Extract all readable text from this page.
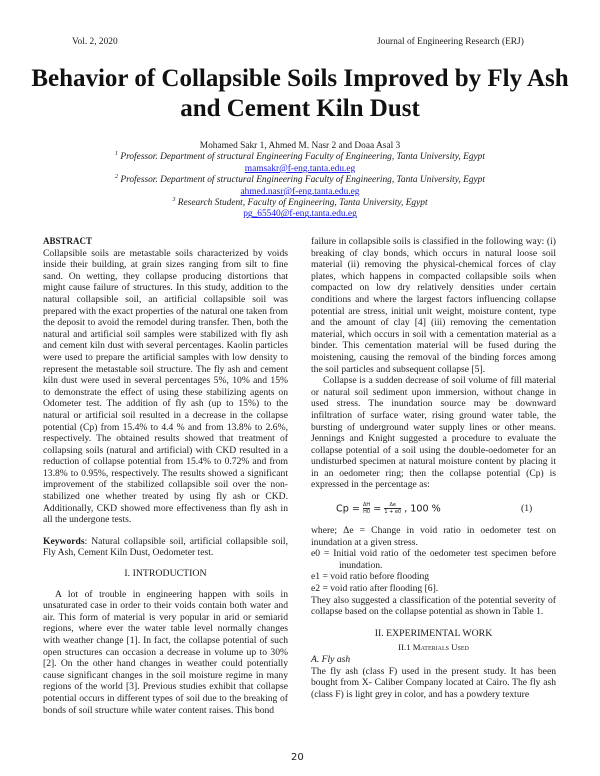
Vol. 2, 2020	Journal of Engineering Research (ERJ)
Behavior of Collapsible Soils Improved by Fly Ash
and Cement Kiln Dust
Mohamed Sakr 1, Ahmed M. Nasr 2 and Doaa Asal 3
$^1$ Professor. Department of structural Engineering Faculty of Engineering, Tanta University, Egypt
mamsakr@f-eng.tanta.edu.eg
$^2$ Professor. Department of structural Engineering Faculty of Engineering, Tanta University, Egypt
ahmed.nasr@f-eng.tanta.edu.eg
$^3$ Research Student, Faculty of Engineering, Tanta University, Egypt
pg_65540@f-eng.tanta.edu.eg

ABSTRACT

Collapsible soils are metastable soils characterized by voids inside their building, at grain sizes ranging from silt to fine sand. On wetting, they collapse producing distortions that might cause failure of structures. In this study, addition to the natural collapsible soil, an artificial collapsible soil was prepared with the exact properties of the natural one taken from the deposit to avoid the remodel during transfer. Then, both the natural and artificial soil samples were stabilized with fly ash and cement kiln dust with several percentages. Kaolin particles were used to prepare the artificial samples with low density to represent the metastable soil structure. The fly ash and cement kiln dust were used in several percentages 5%, 10% and 15% to demonstrate the effect of using these stabilizing agents on Odometer test. The addition of fly ash (up to 15%) to the natural or artificial soil resulted in a decrease in the collapse potential (Cp) from 15.4% to 4.4 % and from 13.8% to 2.6%, respectively. The obtained results showed that treatment of collapsing soils (natural and artificial) with CKD resulted in a reduction of collapse potential from 15.4% to 0.72% and from 13.8% to 0.95%, respectively. The results showed a significant improvement of the stabilized collapsible soil over the non-stabilized one whether treated by using fly ash or CKD. Additionally, CKD showed more effectiveness than fly ash in all the undergone tests.

Keywords: Natural collapsible soil, artificial collapsible soil, Fly Ash, Cement Kiln Dust, Oedometer test.

I. INTRODUCTION

A lot of trouble in engineering happen with soils in unsaturated case in order to their voids contain both water and air. This form of material is very popular in arid or semiarid regions, where ever the water table level normally changes with weather change [1]. In fact, the collapse potential of such open structures can occasion a decrease in volume up to 30% [2]. On the other hand changes in weather could potentially cause significant changes in the soil moisture regime in many regions of the world [3]. Previous studies exhibit that collapse potential occurs in different types of soil due to the breaking of bonds of soil structure while water content raises. This bond

failure in collapsible soils is classified in the following way: (i) breaking of clay bonds, which occurs in natural loose soil material (ii) removing the physical-chemical forces of clay plates, which happens in compacted collapsible soils when compacted on low dry relatively densities under certain conditions and where the largest factors influencing collapse potential are stress, initial unit weight, moisture content, type and the amount of clay [4] (iii) removing the cementation material, which occurs in soil with a cementation material as a binder. This cementation material will be fused during the moistening, causing the removal of the binding forces among the soil particles and subsequent collapse [5].

Collapse is a sudden decrease of soil volume of fill material or natural soil sediment upon immersion, without change in used stress. The inundation source may be downward infiltration of surface water, rising ground water table, the bursting of underground water supply lines or other means. Jennings and Knight suggested a procedure to evaluate the collapse potential of a soil using the double-oedometer for an undisturbed specimen at natural moisture content by placing it in an oedometer ring; then the collapse potential (Cp) is expressed in the percentage as:

$Cp = \frac{\Delta H}{H0} = \frac{\Delta e}{1 + e0}$ , 100 %	(1)

where; Δe = Change in void ratio in oedometer test on inundation at a given stress.

e0 = Initial void ratio of the oedometer test specimen before inundation.

e1 = void ratio before flooding

e2 = void ratio after flooding [6].

They also suggested a classification of the potential severity of collapse based on the collapse potential as shown in Table 1.

II. EXPERIMENTAL WORK

II.1 Materials Used

A. Fly ash

The fly ash (class F) used in the present study. It has been bought from X- Caliber Company located at Cairo. The fly ash (class F) is light grey in color, and has a powdery texture

20
